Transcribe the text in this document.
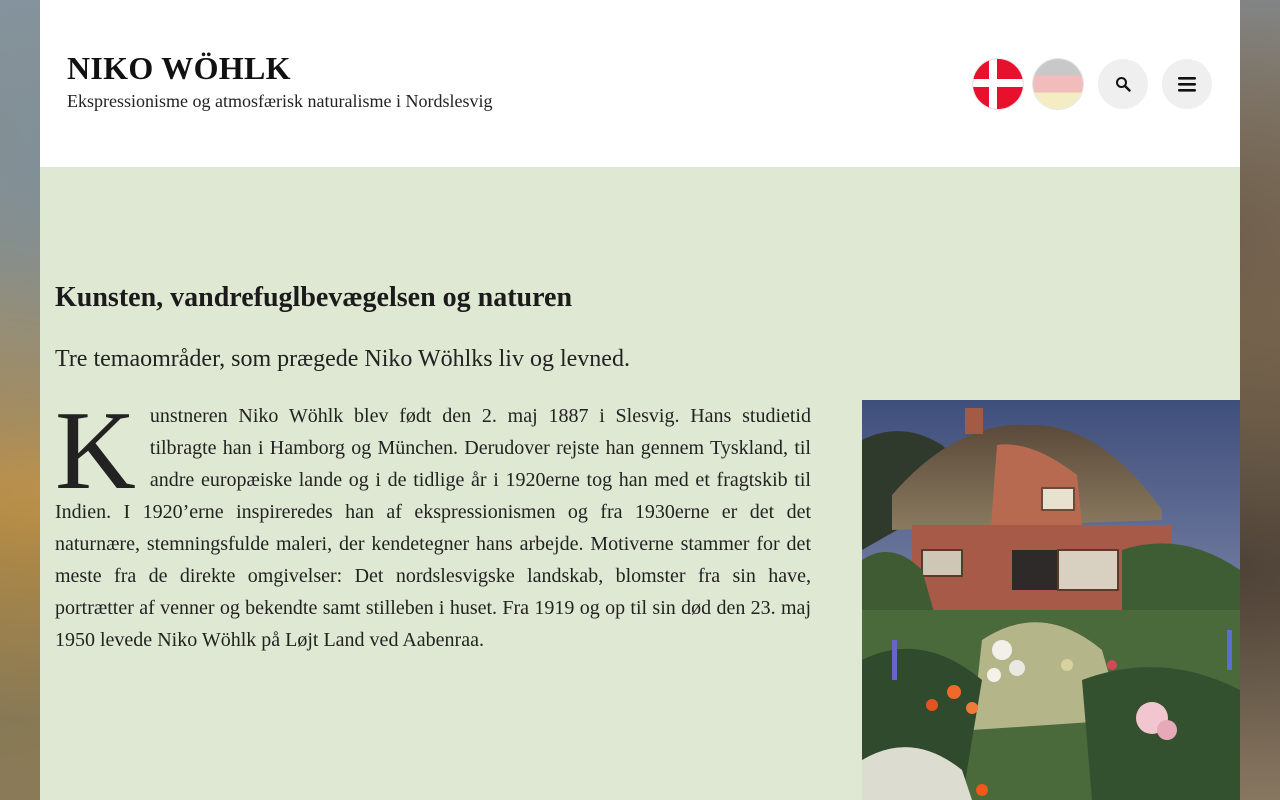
NIKO WÖHLK

Ekspressionisme og atmosfærisk naturalisme i Nordslesvig

Kunsten, vandrefuglbevægelsen og naturen

Tre temaområder, som prægede Niko Wöhlks liv og levned.

Kunstneren Niko Wöhlk blev født den 2. maj 1887 i Slesvig. Hans studietid tilbragte han i Hamborg og München. Derudover rejste han gennem Tyskland, til andre europæiske lande og i de tidlige år i 1920erne tog han med et fragtskib til Indien. I 1920’erne inspireredes han af ekspressionismen og fra 1930erne er det det naturnære, stemningsfulde maleri, der kendetegner hans arbejde. Motiverne stammer for det meste fra de direkte omgivelser: Det nordslesvigske landskab, blomster fra sin have, portrætter af venner og bekendte samt stilleben i huset. Fra 1919 og op til sin død den 23. maj 1950 levede Niko Wöhlk på Løjt Land ved Aabenraa.
